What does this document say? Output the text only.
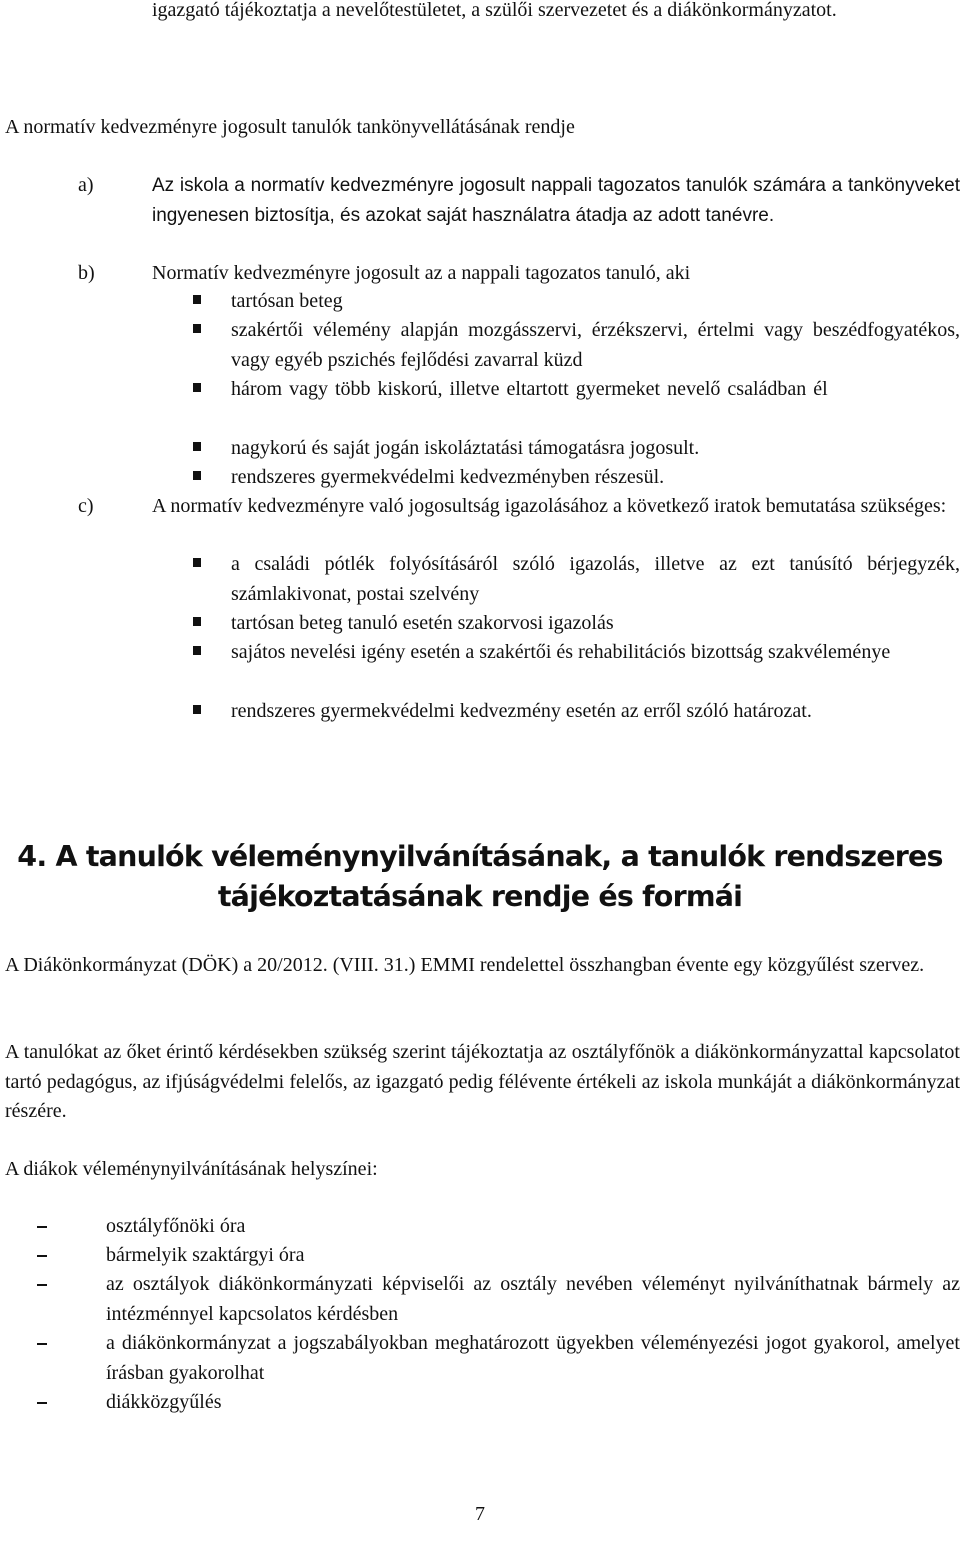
igazgató tájékoztatja a nevelőtestületet, a szülői szervezetet és a diákönkormányzatot.
A normatív kedvezményre jogosult tanulók tankönyvellátásának rendje
a)	Az iskola a normatív kedvezményre jogosult nappali tagozatos tanulók számára a tankönyveket ingyenesen biztosítja, és azokat saját használatra átadja az adott tanévre.
b)	Normatív kedvezményre jogosult az a nappali tagozatos tanuló, aki
tartósan beteg
szakértői vélemény alapján mozgásszervi, érzékszervi, értelmi vagy beszédfogyatékos, vagy egyéb pszichés fejlődési zavarral küzd
három vagy több kiskorú, illetve eltartott gyermeket nevelő családban él
nagykorú és saját jogán iskoláztatási támogatásra jogosult.
rendszeres gyermekvédelmi kedvezményben részesül.
c)	A normatív kedvezményre való jogosultság igazolásához a következő iratok bemutatása szükséges:
a családi pótlék folyósításáról szóló igazolás, illetve az ezt tanúsító bérjegyzék, számlakivonat, postai szelvény
tartósan beteg tanuló esetén szakorvosi igazolás
sajátos nevelési igény esetén a szakértői és rehabilitációs bizottság szakvéleménye
rendszeres gyermekvédelmi kedvezmény esetén az erről szóló határozat.
4. A tanulók véleménynyilvánításának, a tanulók rendszeres
tájékoztatásának rendje és formái
A Diákönkormányzat (DÖK) a 20/2012. (VIII. 31.) EMMI rendelettel összhangban évente egy közgyűlést szervez.
A tanulókat az őket érintő kérdésekben szükség szerint tájékoztatja az osztályfőnök a diákönkormányzattal kapcsolatot tartó pedagógus, az ifjúságvédelmi felelős, az igazgató pedig félévente értékeli az iskola munkáját a diákönkormányzat részére.
A diákok véleménynyilvánításának helyszínei:
osztályfőnöki óra
bármelyik szaktárgyi óra
az osztályok diákönkormányzati képviselői az osztály nevében véleményt nyilváníthatnak bármely az intézménnyel kapcsolatos kérdésben
a diákönkormányzat a jogszabályokban meghatározott ügyekben véleményezési jogot gyakorol, amelyet írásban gyakorolhat
diákközgyűlés
7
